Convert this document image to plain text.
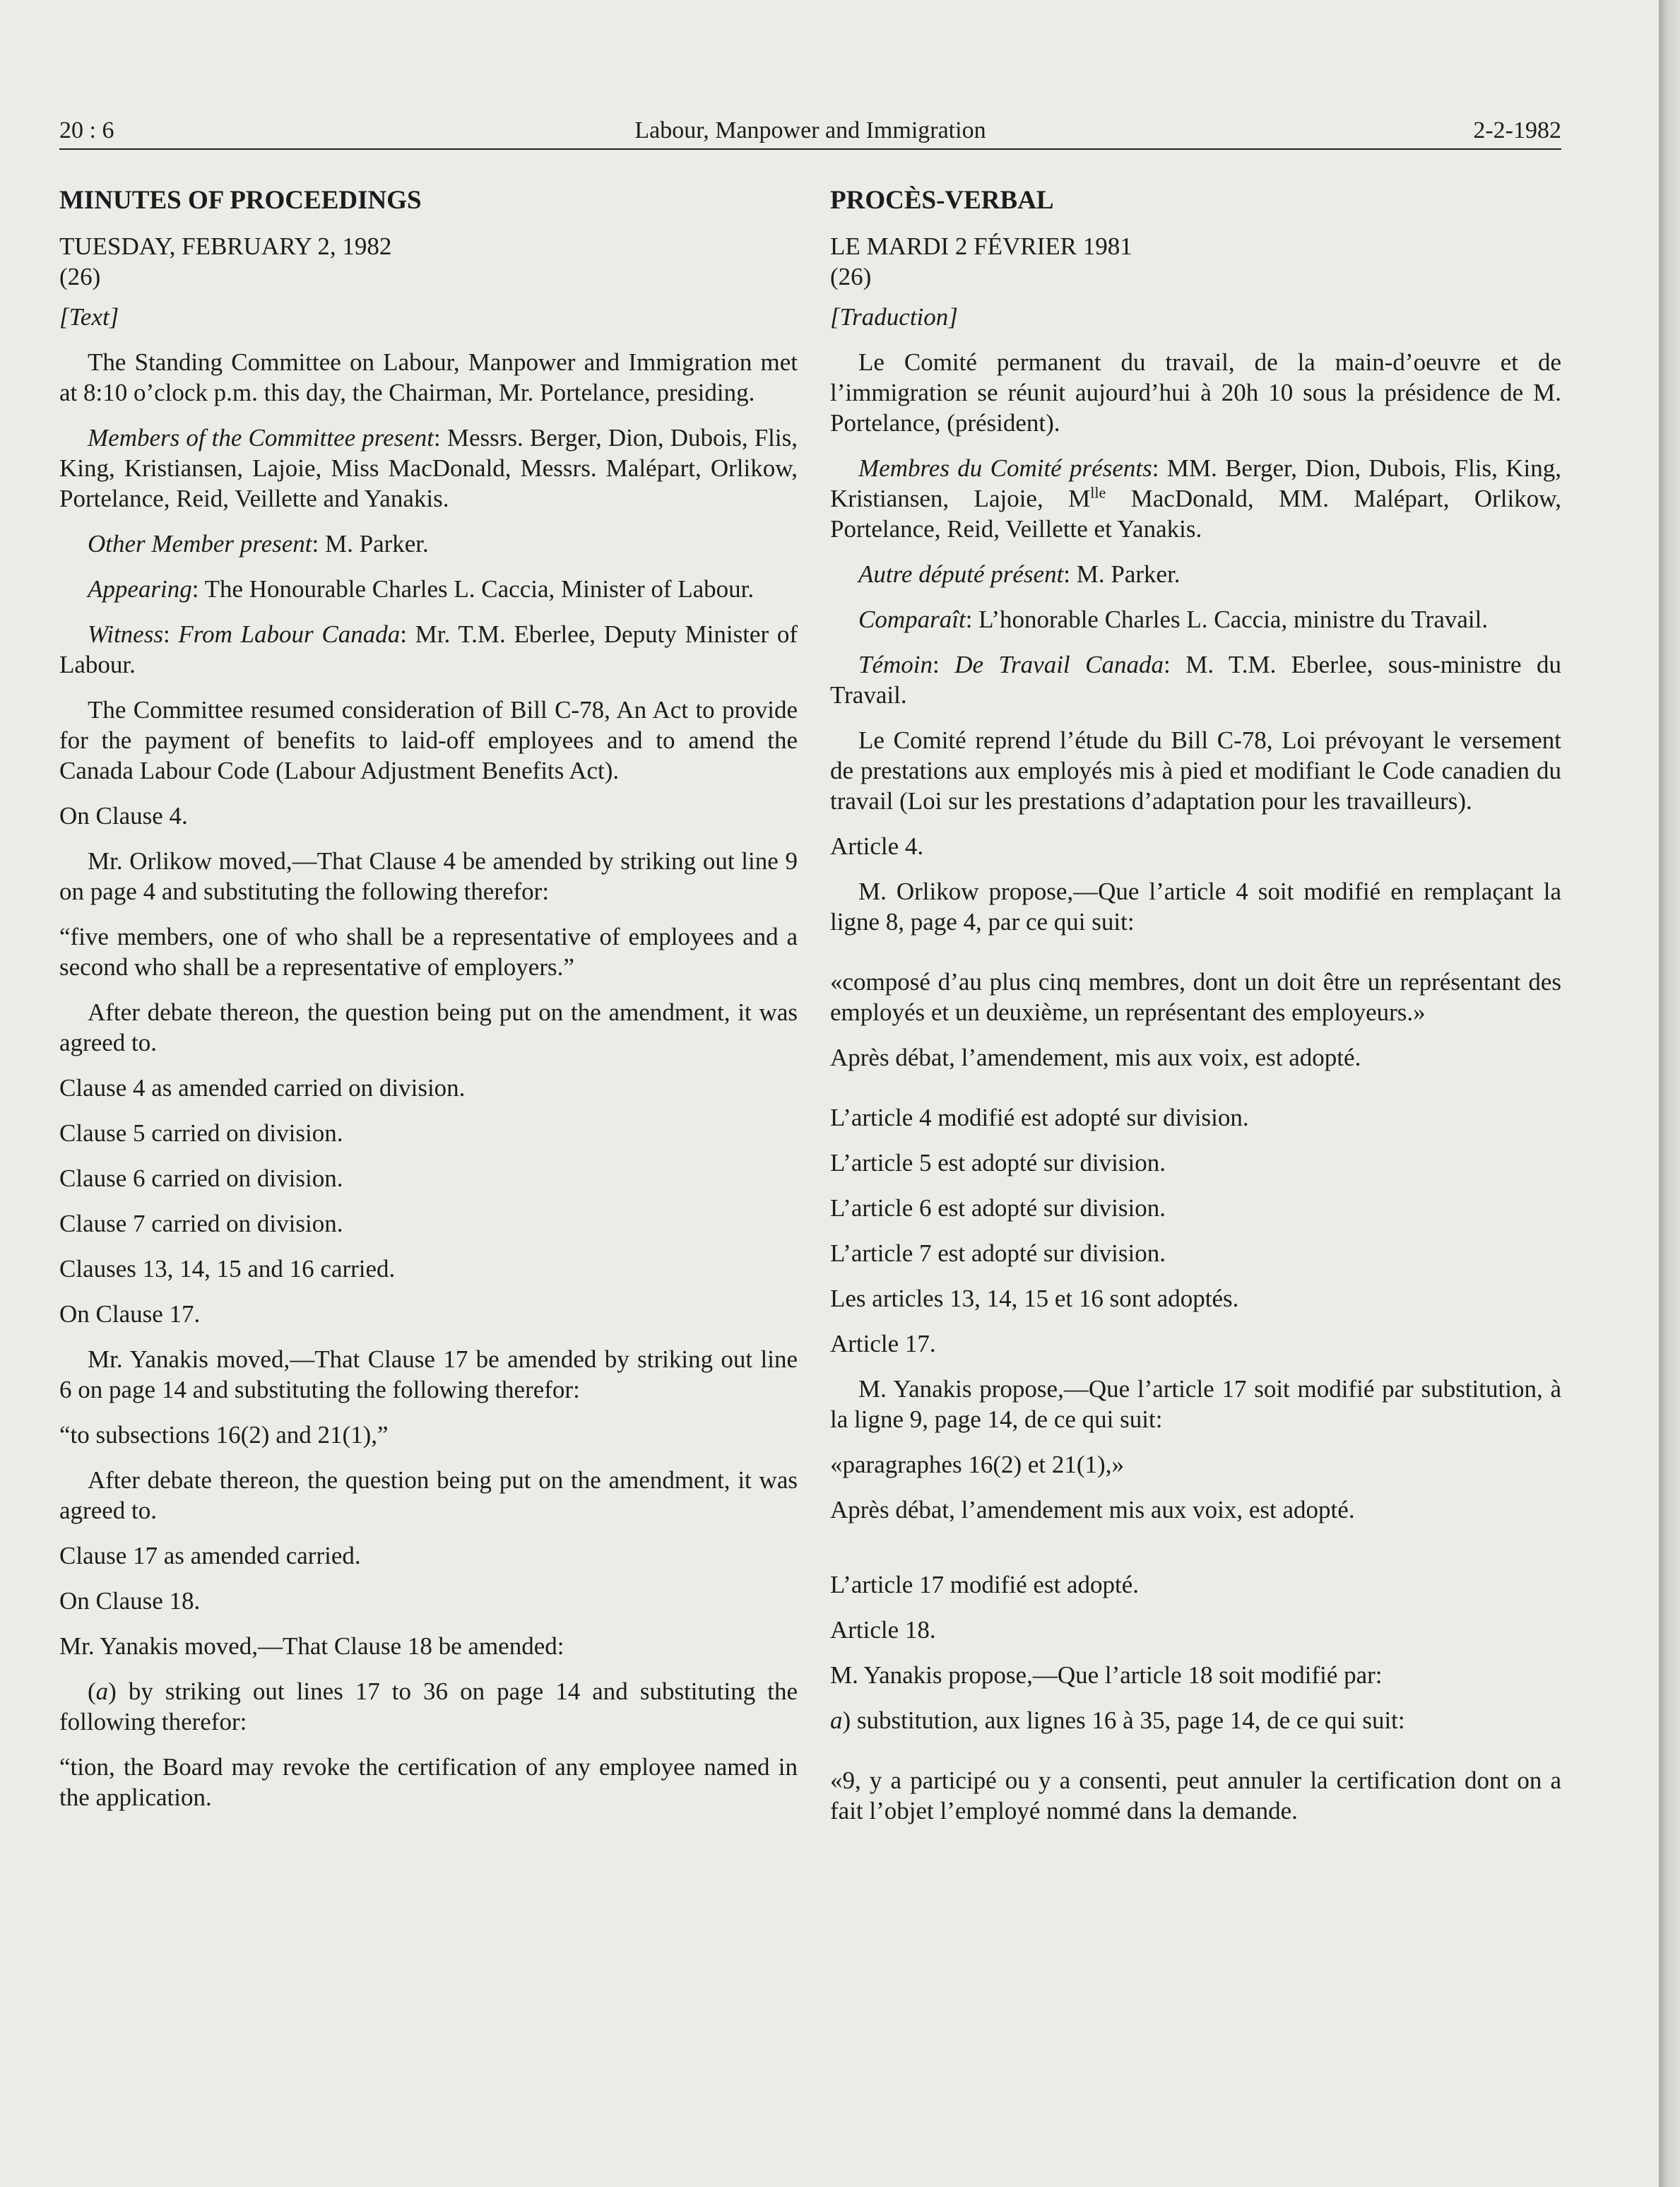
20 : 6	Labour, Manpower and Immigration	2-2-1982

MINUTES OF PROCEEDINGS

TUESDAY, FEBRUARY 2, 1982

(26)

[Text]

The Standing Committee on Labour, Manpower and Immigration met at 8:10 o’clock p.m. this day, the Chairman, Mr. Portelance, presiding.

Members of the Committee present: Messrs. Berger, Dion, Dubois, Flis, King, Kristiansen, Lajoie, Miss MacDonald, Messrs. Malépart, Orlikow, Portelance, Reid, Veillette and Yanakis.

Other Member present: M. Parker.

Appearing: The Honourable Charles L. Caccia, Minister of Labour.

Witness: From Labour Canada: Mr. T.M. Eberlee, Deputy Minister of Labour.

The Committee resumed consideration of Bill C-78, An Act to provide for the payment of benefits to laid-off employees and to amend the Canada Labour Code (Labour Adjustment Benefits Act).

On Clause 4.

Mr. Orlikow moved,—That Clause 4 be amended by striking out line 9 on page 4 and substituting the following therefor:

“five members, one of who shall be a representative of employees and a second who shall be a representative of employers.”

After debate thereon, the question being put on the amendment, it was agreed to.

Clause 4 as amended carried on division.

Clause 5 carried on division.

Clause 6 carried on division.

Clause 7 carried on division.

Clauses 13, 14, 15 and 16 carried.

On Clause 17.

Mr. Yanakis moved,—That Clause 17 be amended by striking out line 6 on page 14 and substituting the following therefor:

“to subsections 16(2) and 21(1),”

After debate thereon, the question being put on the amendment, it was agreed to.

Clause 17 as amended carried.

On Clause 18.

Mr. Yanakis moved,—That Clause 18 be amended:

(a) by striking out lines 17 to 36 on page 14 and substituting the following therefor:

“tion, the Board may revoke the certification of any employee named in the application.

PROCÈS-VERBAL

LE MARDI 2 FÉVRIER 1981

(26)

[Traduction]

Le Comité permanent du travail, de la main-d’oeuvre et de l’immigration se réunit aujourd’hui à 20h 10 sous la présidence de M. Portelance, (président).

Membres du Comité présents: MM. Berger, Dion, Dubois, Flis, King, Kristiansen, Lajoie, $M^{lle}$ MacDonald, MM. Malépart, Orlikow, Portelance, Reid, Veillette et Yanakis.

Autre député présent: M. Parker.

Comparaît: L’honorable Charles L. Caccia, ministre du Travail.

Témoin: De Travail Canada: M. T.M. Eberlee, sous-ministre du Travail.

Le Comité reprend l’étude du Bill C-78, Loi prévoyant le versement de prestations aux employés mis à pied et modifiant le Code canadien du travail (Loi sur les prestations d’adaptation pour les travailleurs).

Article 4.

M. Orlikow propose,—Que l’article 4 soit modifié en remplaçant la ligne 8, page 4, par ce qui suit:

«composé d’au plus cinq membres, dont un doit être un représentant des employés et un deuxième, un représentant des employeurs.»

Après débat, l’amendement, mis aux voix, est adopté.

L’article 4 modifié est adopté sur division.

L’article 5 est adopté sur division.

L’article 6 est adopté sur division.

L’article 7 est adopté sur division.

Les articles 13, 14, 15 et 16 sont adoptés.

Article 17.

M. Yanakis propose,—Que l’article 17 soit modifié par substitution, à la ligne 9, page 14, de ce qui suit:

«paragraphes 16(2) et 21(1),»

Après débat, l’amendement mis aux voix, est adopté.

L’article 17 modifié est adopté.

Article 18.

M. Yanakis propose,—Que l’article 18 soit modifié par:

a) substitution, aux lignes 16 à 35, page 14, de ce qui suit:

«9, y a participé ou y a consenti, peut annuler la certification dont on a fait l’objet l’employé nommé dans la demande.
